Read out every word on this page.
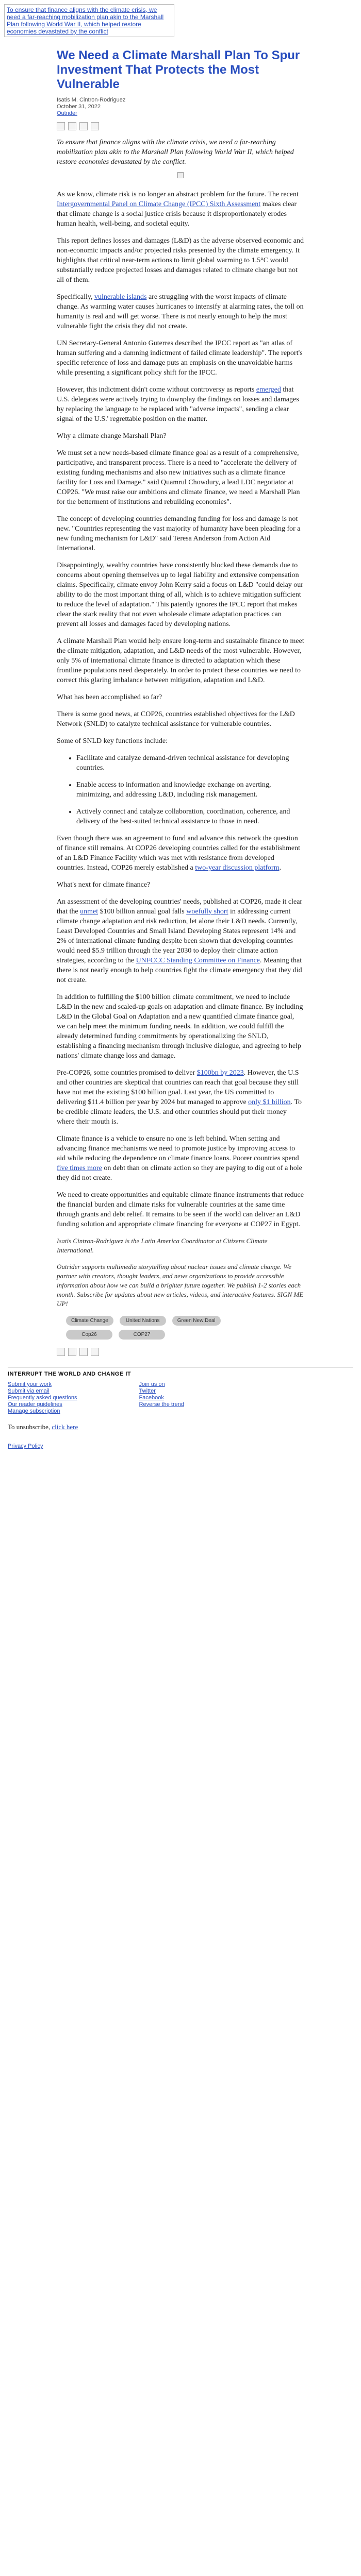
To ensure that finance aligns with the climate crisis, we need a far-reaching mobilization plan akin to the Marshall Plan following World War II, which helped restore economies devastated by the conflict
We Need a Climate Marshall Plan To Spur Investment That Protects the Most Vulnerable
Isatis M. Cintron-Rodriguez
October 31, 2022
Outrider

To ensure that finance aligns with the climate crisis, we need a far-reaching mobilization plan akin to the Marshall Plan following World War II, which helped restore economies devastated by the conflict.

As we know, climate risk is no longer an abstract problem for the future. The recent Intergovernmental Panel on Climate Change (IPCC) Sixth Assessment makes clear that climate change is a social justice crisis because it disproportionately erodes human health, well-being, and societal equity.

This report defines losses and damages (L&D) as the adverse observed economic and non-economic impacts and/or projected risks presented by the climate emergency. It highlights that critical near-term actions to limit global warming to 1.5°C would substantially reduce projected losses and damages related to climate change but not all of them.

Specifically, vulnerable islands are struggling with the worst impacts of climate change. As warming water causes hurricanes to intensify at alarming rates, the toll on humanity is real and will get worse. There is not nearly enough to help the most vulnerable fight the crisis they did not create.

UN Secretary-General Antonio Guterres described the IPCC report as "an atlas of human suffering and a damning indictment of failed climate leadership". The report's specific reference of loss and damage puts an emphasis on the unavoidable harms while presenting a significant policy shift for the IPCC.

However, this indictment didn't come without controversy as reports emerged that U.S. delegates were actively trying to downplay the findings on losses and damages by replacing the language to be replaced with "adverse impacts", sending a clear signal of the U.S.' regrettable position on the matter.

Why a climate change Marshall Plan?

We must set a new needs-based climate finance goal as a result of a comprehensive, participative, and transparent process. There is a need to "accelerate the delivery of existing funding mechanisms and also new initiatives such as a climate finance facility for Loss and Damage." said Quamrul Chowdury, a lead LDC negotiator at COP26. "We must raise our ambitions and climate finance, we need a Marshall Plan for the betterment of institutions and rebuilding economies".

The concept of developing countries demanding funding for loss and damage is not new. "Countries representing the vast majority of humanity have been pleading for a new funding mechanism for L&D" said Teresa Anderson from Action Aid International.

Disappointingly, wealthy countries have consistently blocked these demands due to concerns about opening themselves up to legal liability and extensive compensation claims. Specifically, climate envoy John Kerry said a focus on L&D "could delay our ability to do the most important thing of all, which is to achieve mitigation sufficient to reduce the level of adaptation." This patently ignores the IPCC report that makes clear the stark reality that not even wholesale climate adaptation practices can prevent all losses and damages faced by developing nations.

A climate Marshall Plan would help ensure long-term and sustainable finance to meet the climate mitigation, adaptation, and L&D needs of the most vulnerable. However, only 5% of international climate finance is directed to adaptation which these frontline populations need desperately. In order to protect these countries we need to correct this glaring imbalance between mitigation, adaptation and L&D.

What has been accomplished so far?

There is some good news, at COP26, countries established objectives for the L&D Network (SNLD) to catalyze technical assistance for vulnerable countries.

Some of SNLD key functions include:

• Facilitate and catalyze demand-driven technical assistance for developing countries.
• Enable access to information and knowledge exchange on averting, minimizing, and addressing L&D, including risk management.
• Actively connect and catalyze collaboration, coordination, coherence, and delivery of the best-suited technical assistance to those in need.

Even though there was an agreement to fund and advance this network the question of finance still remains. At COP26 developing countries called for the establishment of an L&D Finance Facility which was met with resistance from developed countries. Instead, COP26 merely established a two-year discussion platform.

What's next for climate finance?

An assessment of the developing countries' needs, published at COP26, made it clear that the unmet $100 billion annual goal falls woefully short in addressing current climate change adaptation and risk reduction, let alone their L&D needs. Currently, Least Developed Countries and Small Island Developing States represent 14% and 2% of international climate funding despite been shown that developing countries would need $5.9 trillion through the year 2030 to deploy their climate action strategies, according to the UNFCCC Standing Committee on Finance. Meaning that there is not nearly enough to help countries fight the climate emergency that they did not create.

In addition to fulfilling the $100 billion climate commitment, we need to include L&D in the new and scaled-up goals on adaptation and climate finance. By including L&D in the Global Goal on Adaptation and a new quantified climate finance goal, we can help meet the minimum funding needs. In addition, we could fulfill the already determined funding commitments by operationalizing the SNLD, establishing a financing mechanism through inclusive dialogue, and agreeing to help nations' climate change loss and damage.

Pre-COP26, some countries promised to deliver $100bn by 2023. However, the U.S and other countries are skeptical that countries can reach that goal because they still have not met the existing $100 billion goal. Last year, the US committed to delivering $11.4 billion per year by 2024 but managed to approve only $1 billion. To be credible climate leaders, the U.S. and other countries should put their money where their mouth is.

Climate finance is a vehicle to ensure no one is left behind. When setting and advancing finance mechanisms we need to promote justice by improving access to aid while reducing the dependence on climate finance loans. Poorer countries spend five times more on debt than on climate action so they are paying to dig out of a hole they did not create.

We need to create opportunities and equitable climate finance instruments that reduce the financial burden and climate risks for vulnerable countries at the same time through grants and debt relief. It remains to be seen if the world can deliver an L&D funding solution and appropriate climate financing for everyone at COP27 in Egypt.

Isatis Cintron-Rodriguez is the Latin America Coordinator at Citizens Climate International.

Outrider supports multimedia storytelling about nuclear issues and climate change. We partner with creators, thought leaders, and news organizations to provide accessible information about how we can build a brighter future together. We publish 1-2 stories each month. Subscribe for updates about new articles, videos, and interactive features. SIGN ME UP!

Climate Change	United Nations	Green New Deal
Cop26	COP27
INTERRUPT THE WORLD AND CHANGE IT
Submit your work
Submit via email
Frequently asked questions
Our reader guidelines
Manage subscription
Join us on
Twitter
Facebook
Reverse the trend

To unsubscribe, click here

Privacy Policy
